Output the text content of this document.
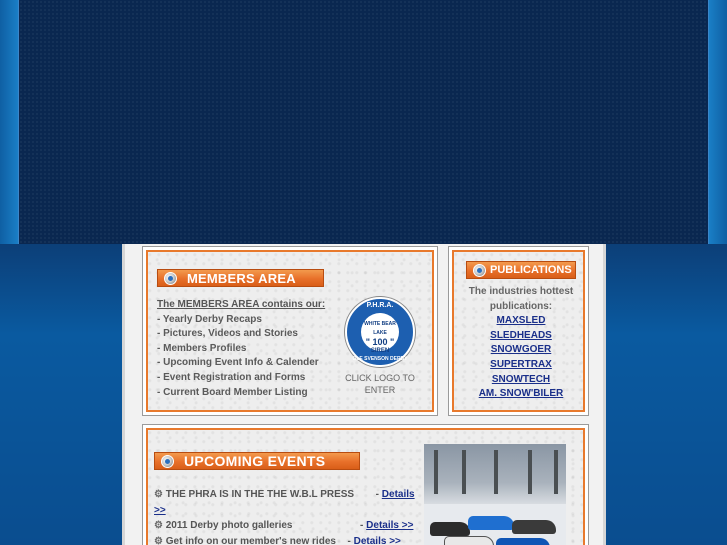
MEMBERS AREA
The MEMBERS AREA contains our:
- Yearly Derby Recaps
- Pictures, Videos and Stories
- Members Profiles
- Upcoming Event Info & Calender
- Event Registration and Forms
- Current Board Member Listing
P.H.R.A.
WHITE BEAR LAKE
" 100 "
SIREN
OLE SVENSON DERBY
CLICK LOGO TO ENTER
PUBLICATIONS
The industries hottest publications:
MAXSLED
SLEDHEADS
SNOWGOER
SUPERTRAX
SNOWTECH
AM. SNOW'BILER
UPCOMING EVENTS
⚙ THE PHRA IS IN THE THE W.B.L PRESS - Details >>
⚙ 2011 Derby photo galleries	- Details >>
⚙ Get info on our member's new rides - Details >>
